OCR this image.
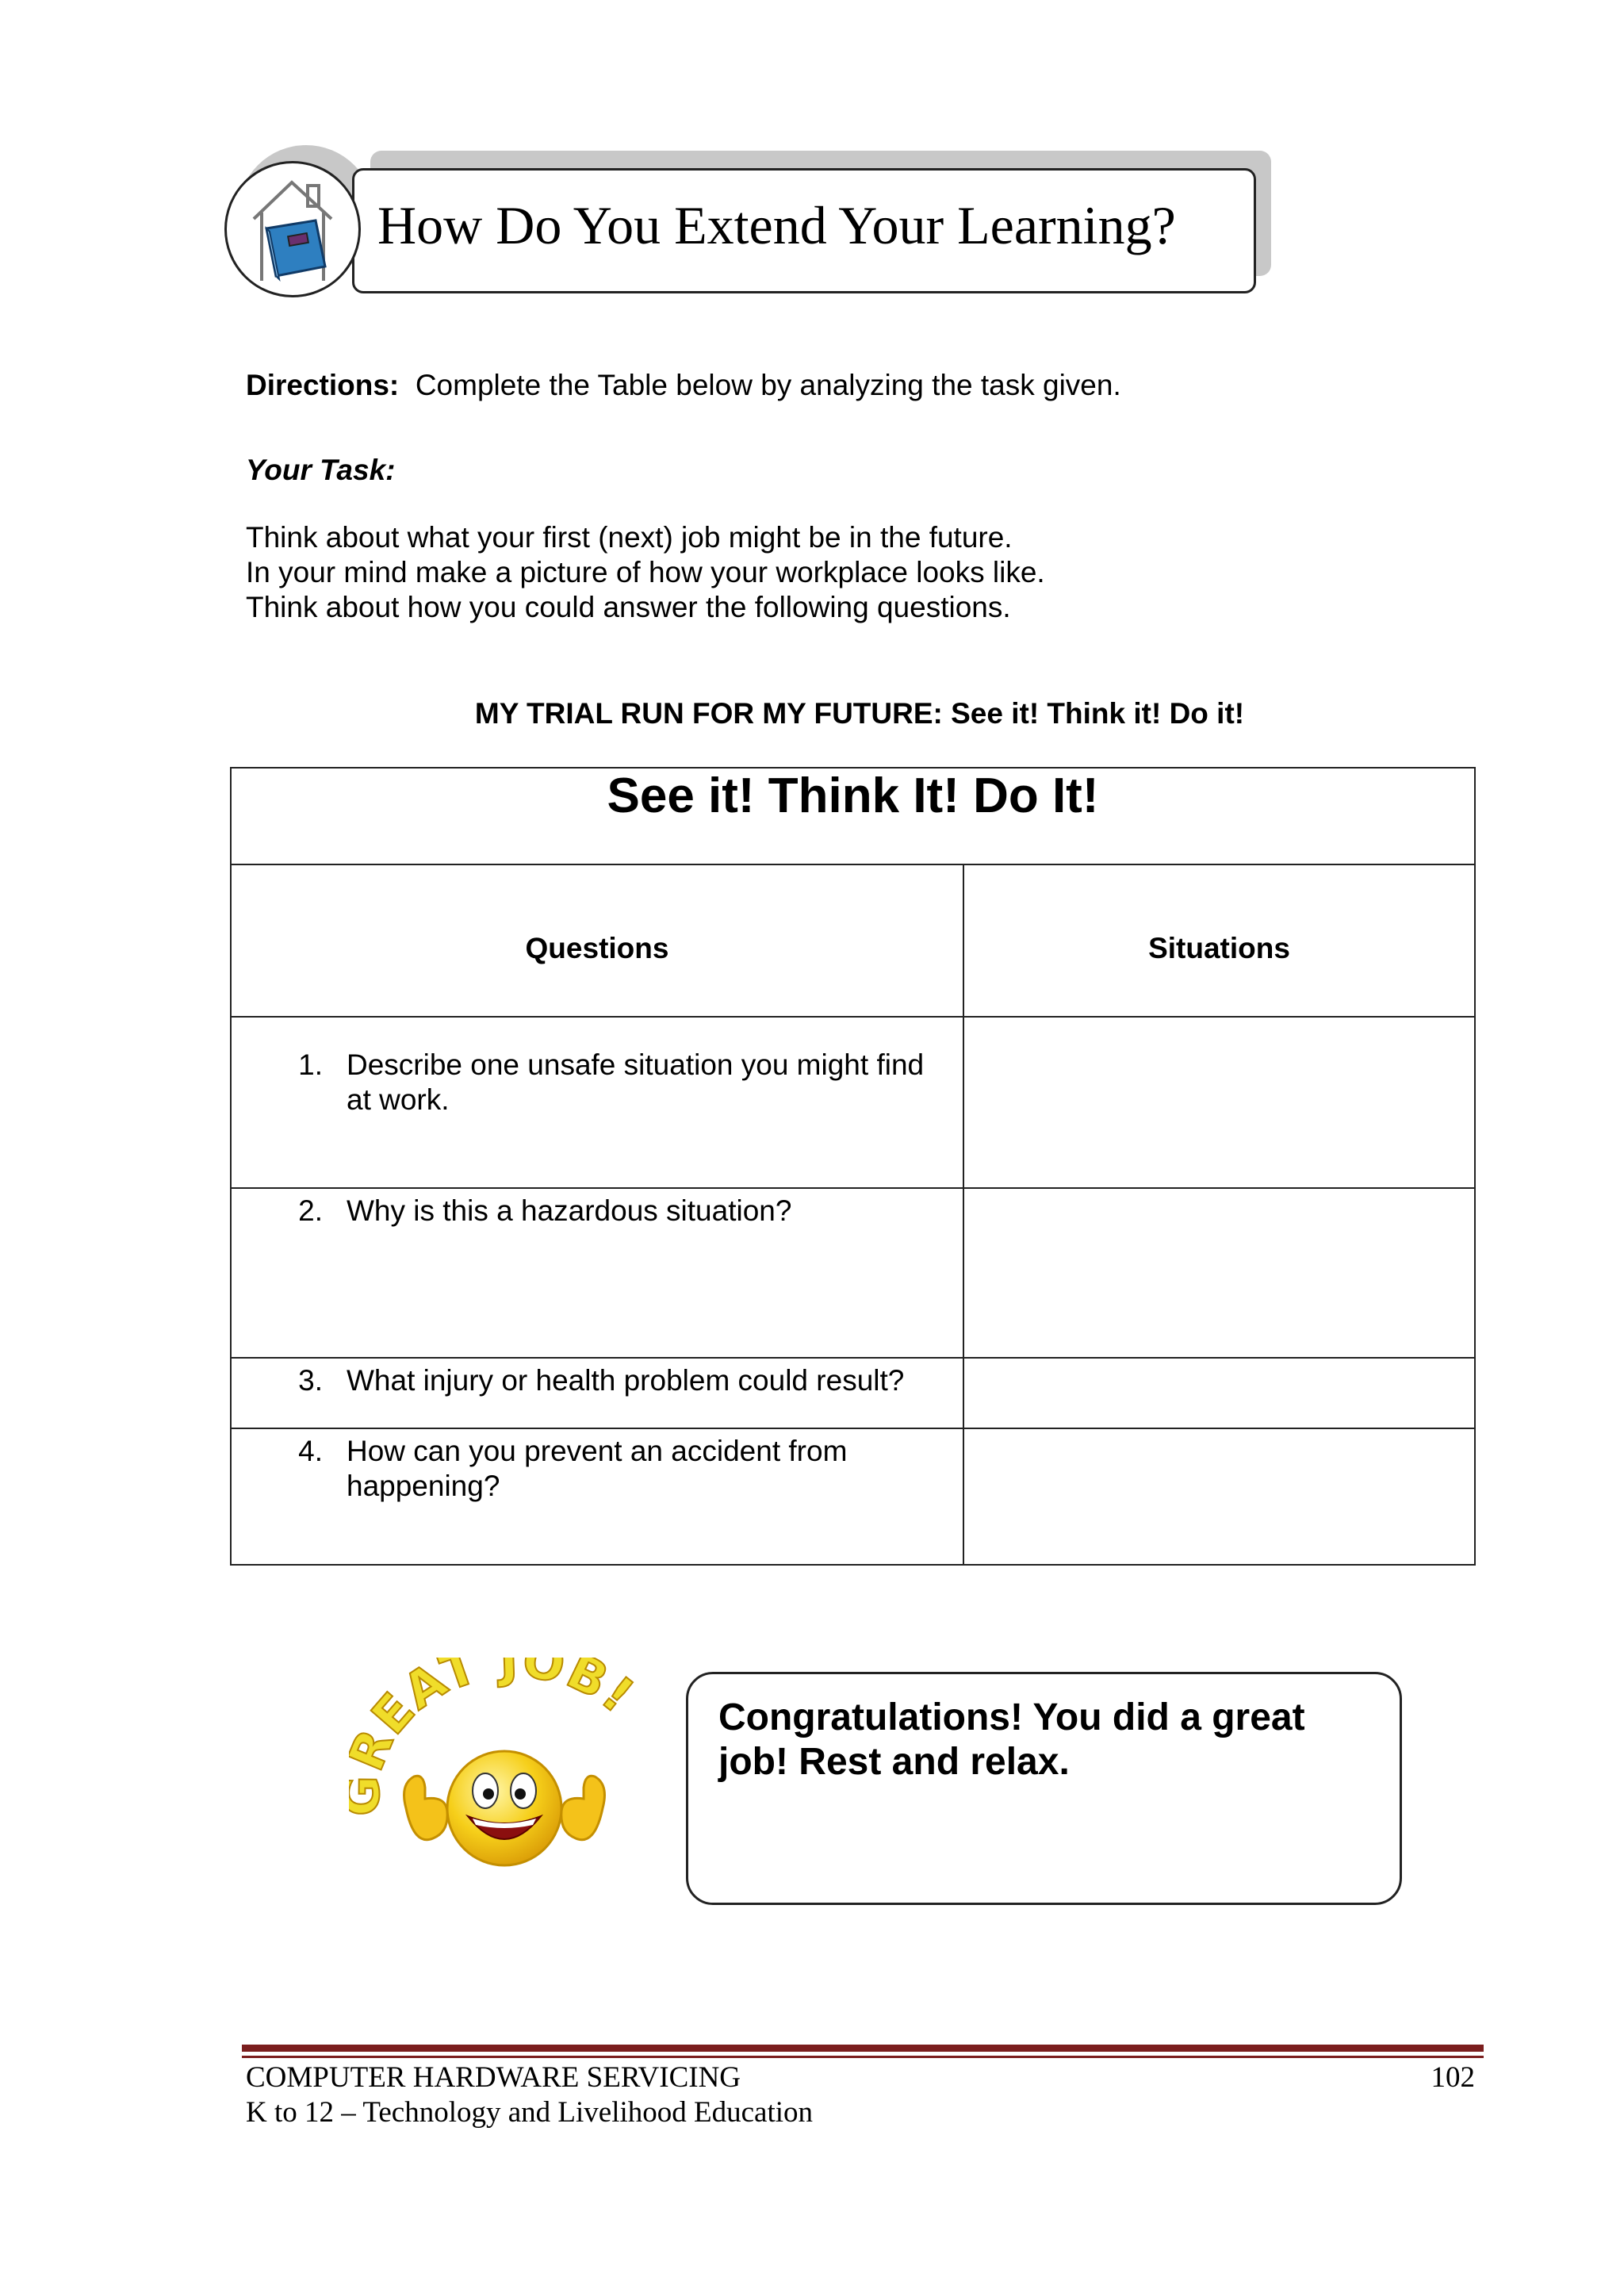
How Do You Extend Your Learning?
Directions: Complete the Table below by analyzing the task given.
Your Task:
Think about what your first (next) job might be in the future.
In your mind make a picture of how your workplace looks like.
Think about how you could answer the following questions.
MY TRIAL RUN FOR MY FUTURE: See it! Think it! Do it!
See it! Think It! Do It!	
Questions	Situations

1. Describe one unsafe situation you might find at work.	

2. Why is this a hazardous situation?	

3. What injury or health problem could result?	

4. How can you prevent an accident from happening?	

EAT JOB! Congratulations! You did a great job! Rest and relax.
COMPUTER HARDWARE SERVICING
K to 12 – Technology and Livelihood Education
102
